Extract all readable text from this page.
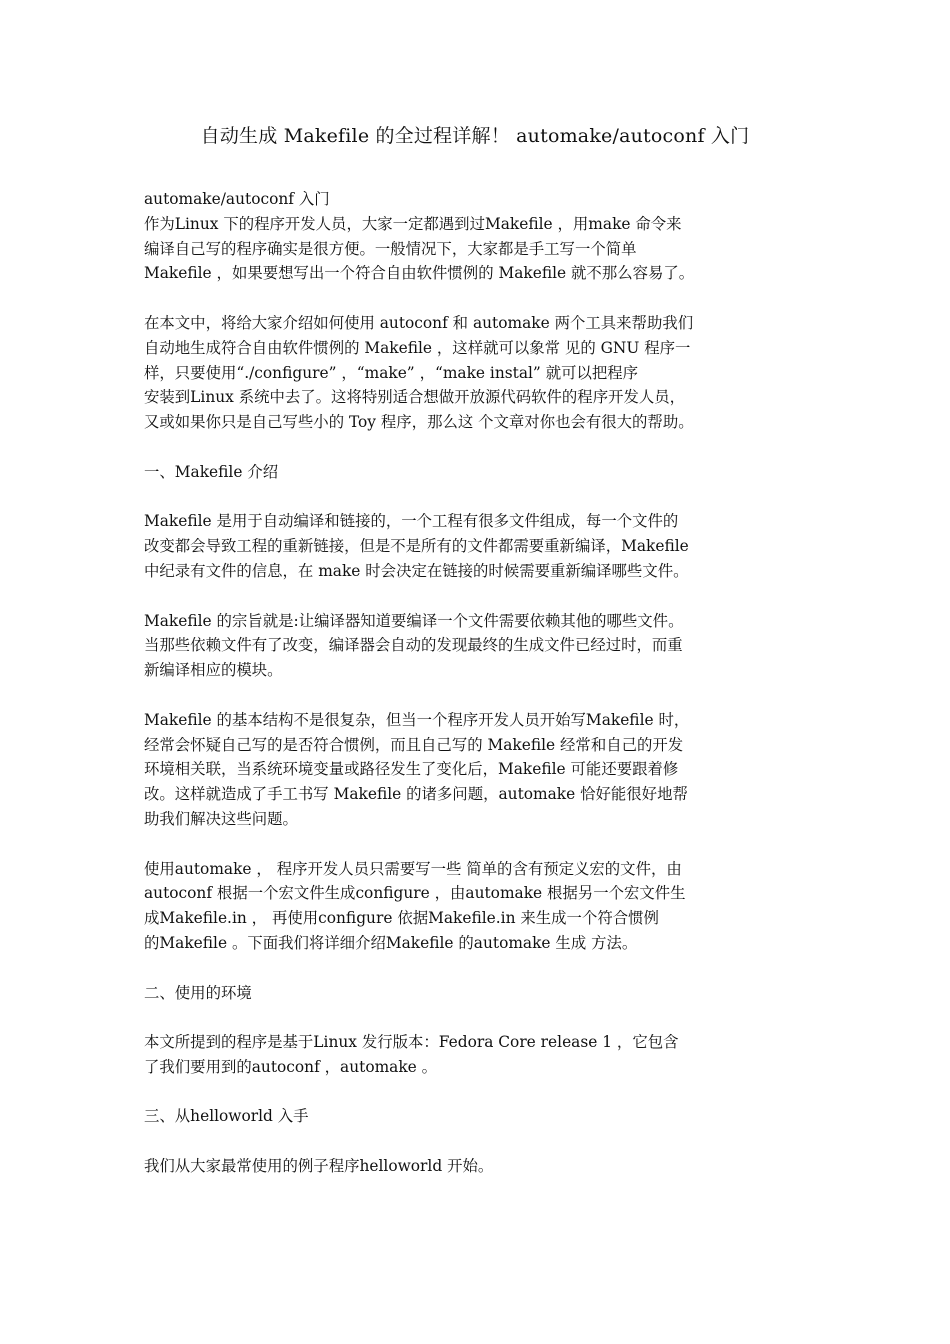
自动生成 Makefile 的全过程详解！ automake/autoconf 入门
automake/autoconf 入门
作为Linux 下的程序开发人员，大家一定都遇到过Makefile ，用make 命令来
编译自己写的程序确实是很方便。一般情况下，大家都是手工写一个简单
Makefile ，如果要想写出一个符合自由软件惯例的 Makefile 就不那么容易了。
在本文中，将给大家介绍如何使用 autoconf 和 automake 两个工具来帮助我们
自动地生成符合自由软件惯例的 Makefile ，这样就可以象常 见的 GNU 程序一
样，只要使用“./configure” ，“make” ，“make instal” 就可以把程序
安装到Linux 系统中去了。这将特别适合想做开放源代码软件的程序开发人员，
又或如果你只是自己写些小的 Toy 程序，那么这 个文章对你也会有很大的帮助。
一、Makefile 介绍
Makefile 是用于自动编译和链接的，一个工程有很多文件组成，每一个文件的
改变都会导致工程的重新链接，但是不是所有的文件都需要重新编译，Makefile
中纪录有文件的信息，在 make 时会决定在链接的时候需要重新编译哪些文件。
Makefile 的宗旨就是:让编译器知道要编译一个文件需要依赖其他的哪些文件。
当那些依赖文件有了改变，编译器会自动的发现最终的生成文件已经过时，而重
新编译相应的模块。
Makefile 的基本结构不是很复杂，但当一个程序开发人员开始写Makefile 时，
经常会怀疑自己写的是否符合惯例，而且自己写的 Makefile 经常和自己的开发
环境相关联，当系统环境变量或路径发生了变化后，Makefile 可能还要跟着修
改。这样就造成了手工书写 Makefile 的诸多问题，automake 恰好能很好地帮
助我们解决这些问题。
使用automake ， 程序开发人员只需要写一些 简单的含有预定义宏的文件，由
autoconf 根据一个宏文件生成configure ，由automake 根据另一个宏文件生
成Makefile.in ， 再使用configure 依据Makefile.in 来生成一个符合惯例
的Makefile 。下面我们将详细介绍Makefile 的automake 生成 方法。
二、使用的环境
本文所提到的程序是基于Linux 发行版本：Fedora Core release 1 ，它包含
了我们要用到的autoconf ，automake 。
三、从helloworld 入手
我们从大家最常使用的例子程序helloworld 开始。
